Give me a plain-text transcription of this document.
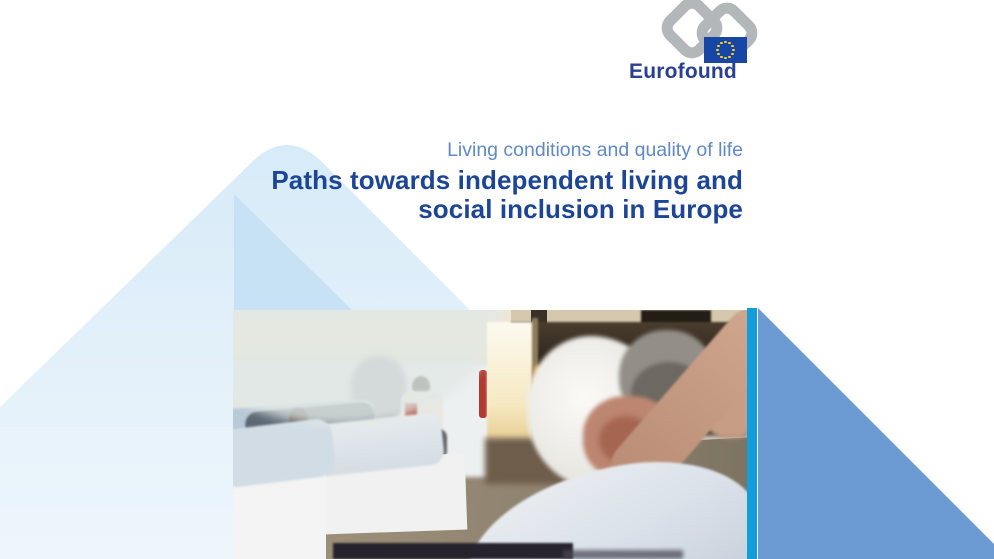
Eurofound
Living conditions and quality of life
Paths towards independent living and
social inclusion in Europe
